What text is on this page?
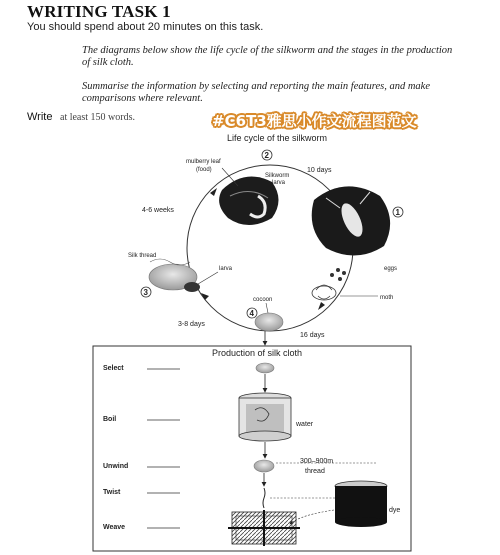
WRITING TASK 1
You should spend about 20 minutes on this task.
The diagrams below show the life cycle of the silkworm and the stages in the production of silk cloth.
Summarise the information by selecting and reporting the main features, and make comparisons where relevant.
Write at least 150 words.
Life cycle of the silkworm
mulberry leaf
(food)
Silkworm
larva
2
10 days
1
eggs
moth
cocoon
4
3-8 days
16 days
Silk thread
larva
3
4-6 weeks
Production of silk cloth
Select
Boil
Unwind
Twist
Weave
water
300–900m
thread
dye
#C6T3雅思小作文流程图范文
